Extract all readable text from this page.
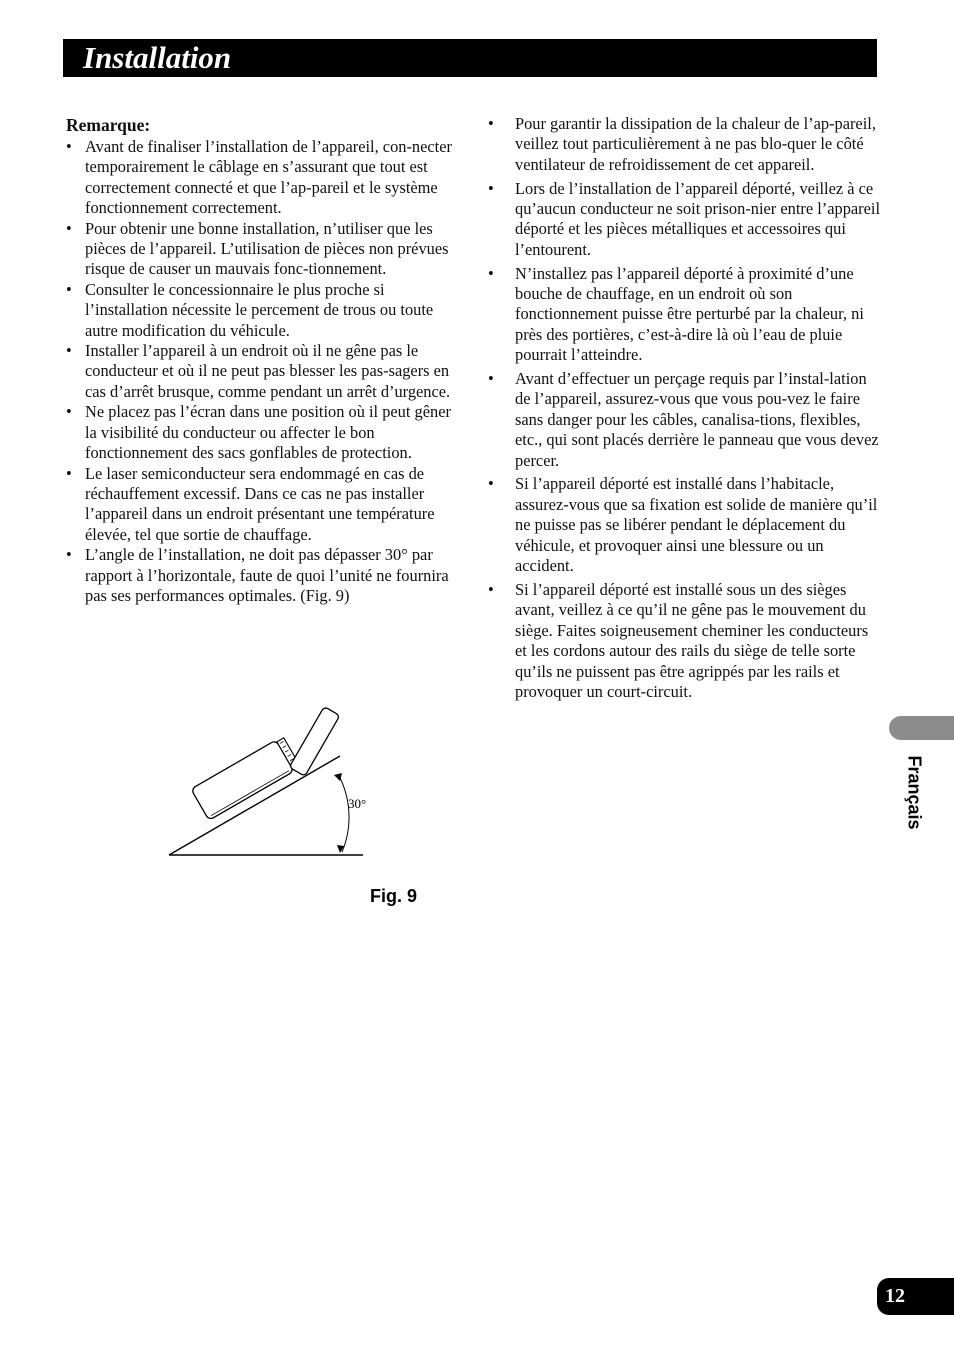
Installation
Remarque:
• Avant de finaliser l’installation de l’appareil, con-necter temporairement le câblage en s’assurant que tout est correctement connecté et que l’ap-pareil et le système fonctionnement correctement.
• Pour obtenir une bonne installation, n’utiliser que les pièces de l’appareil. L’utilisation de pièces non prévues risque de causer un mauvais fonc-tionnement.
• Consulter le concessionnaire le plus proche si l’installation nécessite le percement de trous ou toute autre modification du véhicule.
• Installer l’appareil à un endroit où il ne gêne pas le conducteur et où il ne peut pas blesser les pas-sagers en cas d’arrêt brusque, comme pendant un arrêt d’urgence.
• Ne placez pas l’écran dans une position où il peut gêner la visibilité du conducteur ou affecter le bon fonctionnement des sacs gonflables de protection.
• Le laser semiconducteur sera endommagé en cas de réchauffement excessif. Dans ce cas ne pas installer l’appareil dans un endroit présentant une température élevée, tel que sortie de chauffage.
• L’angle de l’installation, ne doit pas dépasser 30° par rapport à l’horizontale, faute de quoi l’unité ne fournira pas ses performances optimales. (Fig. 9)
• Pour garantir la dissipation de la chaleur de l’ap-pareil, veillez tout particulièrement à ne pas blo-quer le côté ventilateur de refroidissement de cet appareil.
• Lors de l’installation de l’appareil déporté, veillez à ce qu’aucun conducteur ne soit prison-nier entre l’appareil déporté et les pièces métalliques et accessoires qui l’entourent.
• N’installez pas l’appareil déporté à proximité d’une bouche de chauffage, en un endroit où son fonctionnement puisse être perturbé par la chaleur, ni près des portières, c’est-à-dire là où l’eau de pluie pourrait l’atteindre.
• Avant d’effectuer un perçage requis par l’instal-lation de l’appareil, assurez-vous que vous pou-vez le faire sans danger pour les câbles, canalisa-tions, flexibles, etc., qui sont placés derrière le panneau que vous devez percer.
• Si l’appareil déporté est installé dans l’habitacle, assurez-vous que sa fixation est solide de manière qu’il ne puisse pas se libérer pendant le déplacement du véhicule, et provoquer ainsi une blessure ou un accident.
• Si l’appareil déporté est installé sous un des sièges avant, veillez à ce qu’il ne gêne pas le mouvement du siège. Faites soigneusement cheminer les conducteurs et les cordons autour des rails du siège de telle sorte qu’ils ne puissent pas être agrippés par les rails et provoquer un court-circuit.
30°
Fig. 9
Français
12
